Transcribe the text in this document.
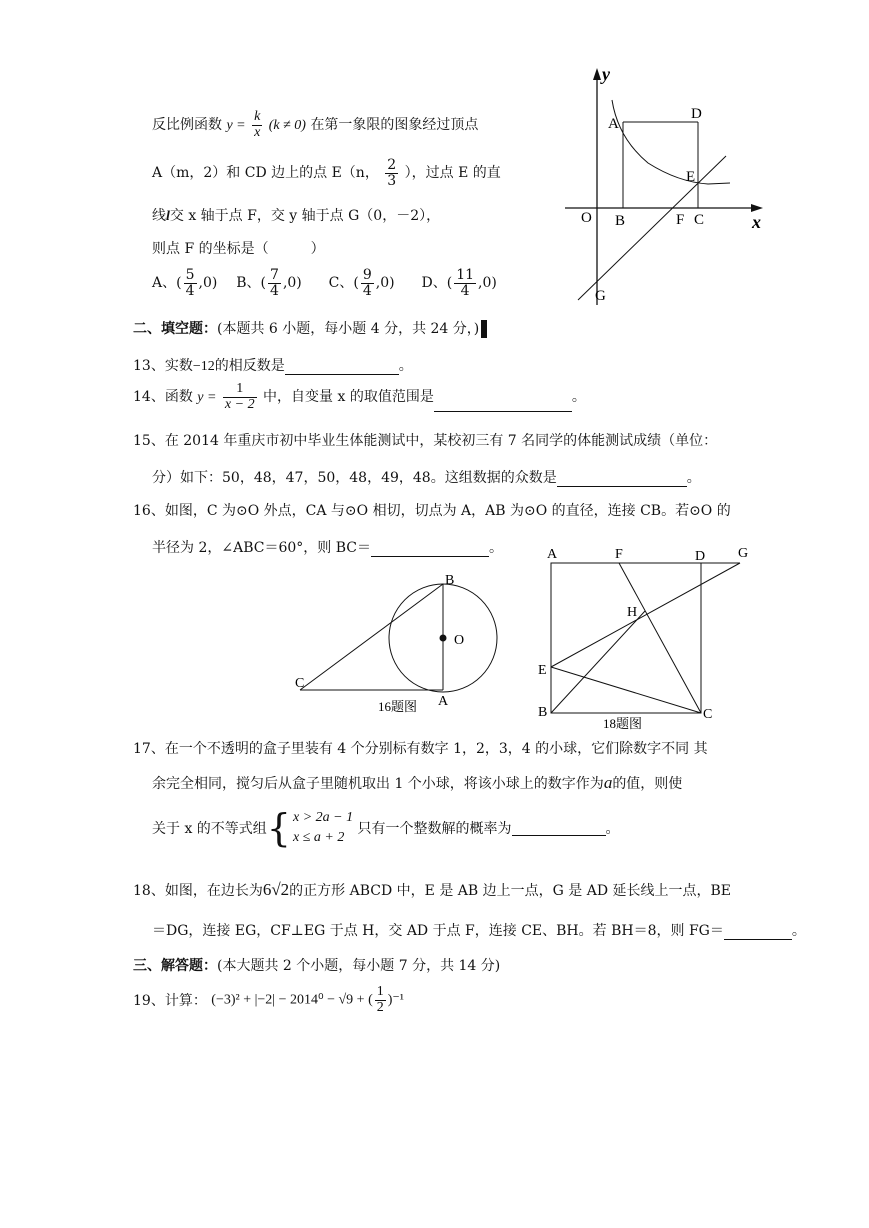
反比例函数 $y = \frac{k}{x} (k \ne 0)$ 在第一象限的图象经过顶点
A（m，2）和 CD 边上的点 E（n， $\frac{2}{3}$ ），过点 E 的直
线l交 x 轴于点 F，交 y 轴于点 G（0，－2），
则点 F 的坐标是（　　　）
A、( $\frac{5}{4} ,0$) B、( $\frac{7}{4} ,0$) C、( $\frac{9}{4} ,0$) D、( $\frac{11}{4} ,0$)
y
x
A
D
E
O B	F C
G
二、填空题：(本题共 6 小题，每小题 4 分，共 24 分，)
13、实数−12的相反数是	。
14、函数 $y = \frac{1}{x - 2}$ 中，自变量 x 的取值范围是	。
15、在 2014 年重庆市初中毕业生体能测试中，某校初三有 7 名同学的体能测试成绩（单位：
分）如下：50，48，47，50，48，49，48。这组数据的众数是	。
16、如图，C 为⊙O 外点，CA 与⊙O 相切，切点为 A，AB 为⊙O 的直径，连接 CB。若⊙O 的
半径为 2，∠ABC＝60°，则 BC＝	。
B
O
C
A
16题图
A	F	D G
H
E
B	C
18题图
17、在一个不透明的盒子里装有 4 个分别标有数字 1，2，3，4 的小球，它们除数字不同 其
余完全相同，搅匀后从盒子里随机取出 1 个小球，将该小球上的数字作为a的值，则使
关于 x 的不等式组{ x > 2a − 1
x ≤ a + 2
只有一个整数解的概率为	。
18、如图，在边长为6√2的正方形 ABCD 中，E 是 AB 边上一点，G 是 AD 延长线上一点，BE
＝DG，连接 EG，CF⊥EG 于点 H，交 AD 于点 F，连接 CE、BH。若 BH＝8，则 FG＝	。
三、解答题：(本大题共 2 个小题，每小题 7 分，共 14 分)
19、计算： (−3)² + |−2| − 2014⁰ − √9 + ( $\frac{1}{2} )^{-1}$
